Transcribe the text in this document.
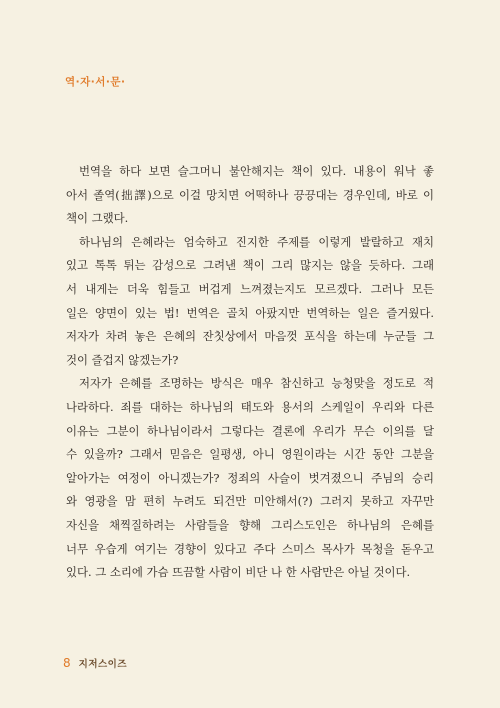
역·자·서·문·
번역을 하다 보면 슬그머니 불안해지는 책이 있다. 내용이 워낙 좋
아서 졸역(拙譯)으로 이걸 망치면 어떡하나 끙끙대는 경우인데, 바로 이
책이 그랬다.
하나님의 은혜라는 엄숙하고 진지한 주제를 이렇게 발랄하고 재치
있고 톡톡 튀는 감성으로 그려낸 책이 그리 많지는 않을 듯하다. 그래
서 내게는 더욱 힘들고 버겁게 느껴졌는지도 모르겠다. 그러나 모든
일은 양면이 있는 법! 번역은 골치 아팠지만 번역하는 일은 즐거웠다.
저자가 차려 놓은 은혜의 잔칫상에서 마음껏 포식을 하는데 누군들 그
것이 즐겁지 않겠는가?
저자가 은혜를 조명하는 방식은 매우 참신하고 능청맞을 정도로 적
나라하다. 죄를 대하는 하나님의 태도와 용서의 스케일이 우리와 다른
이유는 그분이 하나님이라서 그렇다는 결론에 우리가 무슨 이의를 달
수 있을까? 그래서 믿음은 일평생, 아니 영원이라는 시간 동안 그분을
알아가는 여정이 아니겠는가? 정죄의 사슬이 벗겨졌으니 주님의 승리
와 영광을 맘 편히 누려도 되건만 미안해서(?) 그러지 못하고 자꾸만
자신을 채찍질하려는 사람들을 향해 그리스도인은 하나님의 은혜를
너무 우습게 여기는 경향이 있다고 주다 스미스 목사가 목청을 돋우고
있다. 그 소리에 가슴 뜨끔할 사람이 비단 나 한 사람만은 아닐 것이다.
8 지저스이즈
